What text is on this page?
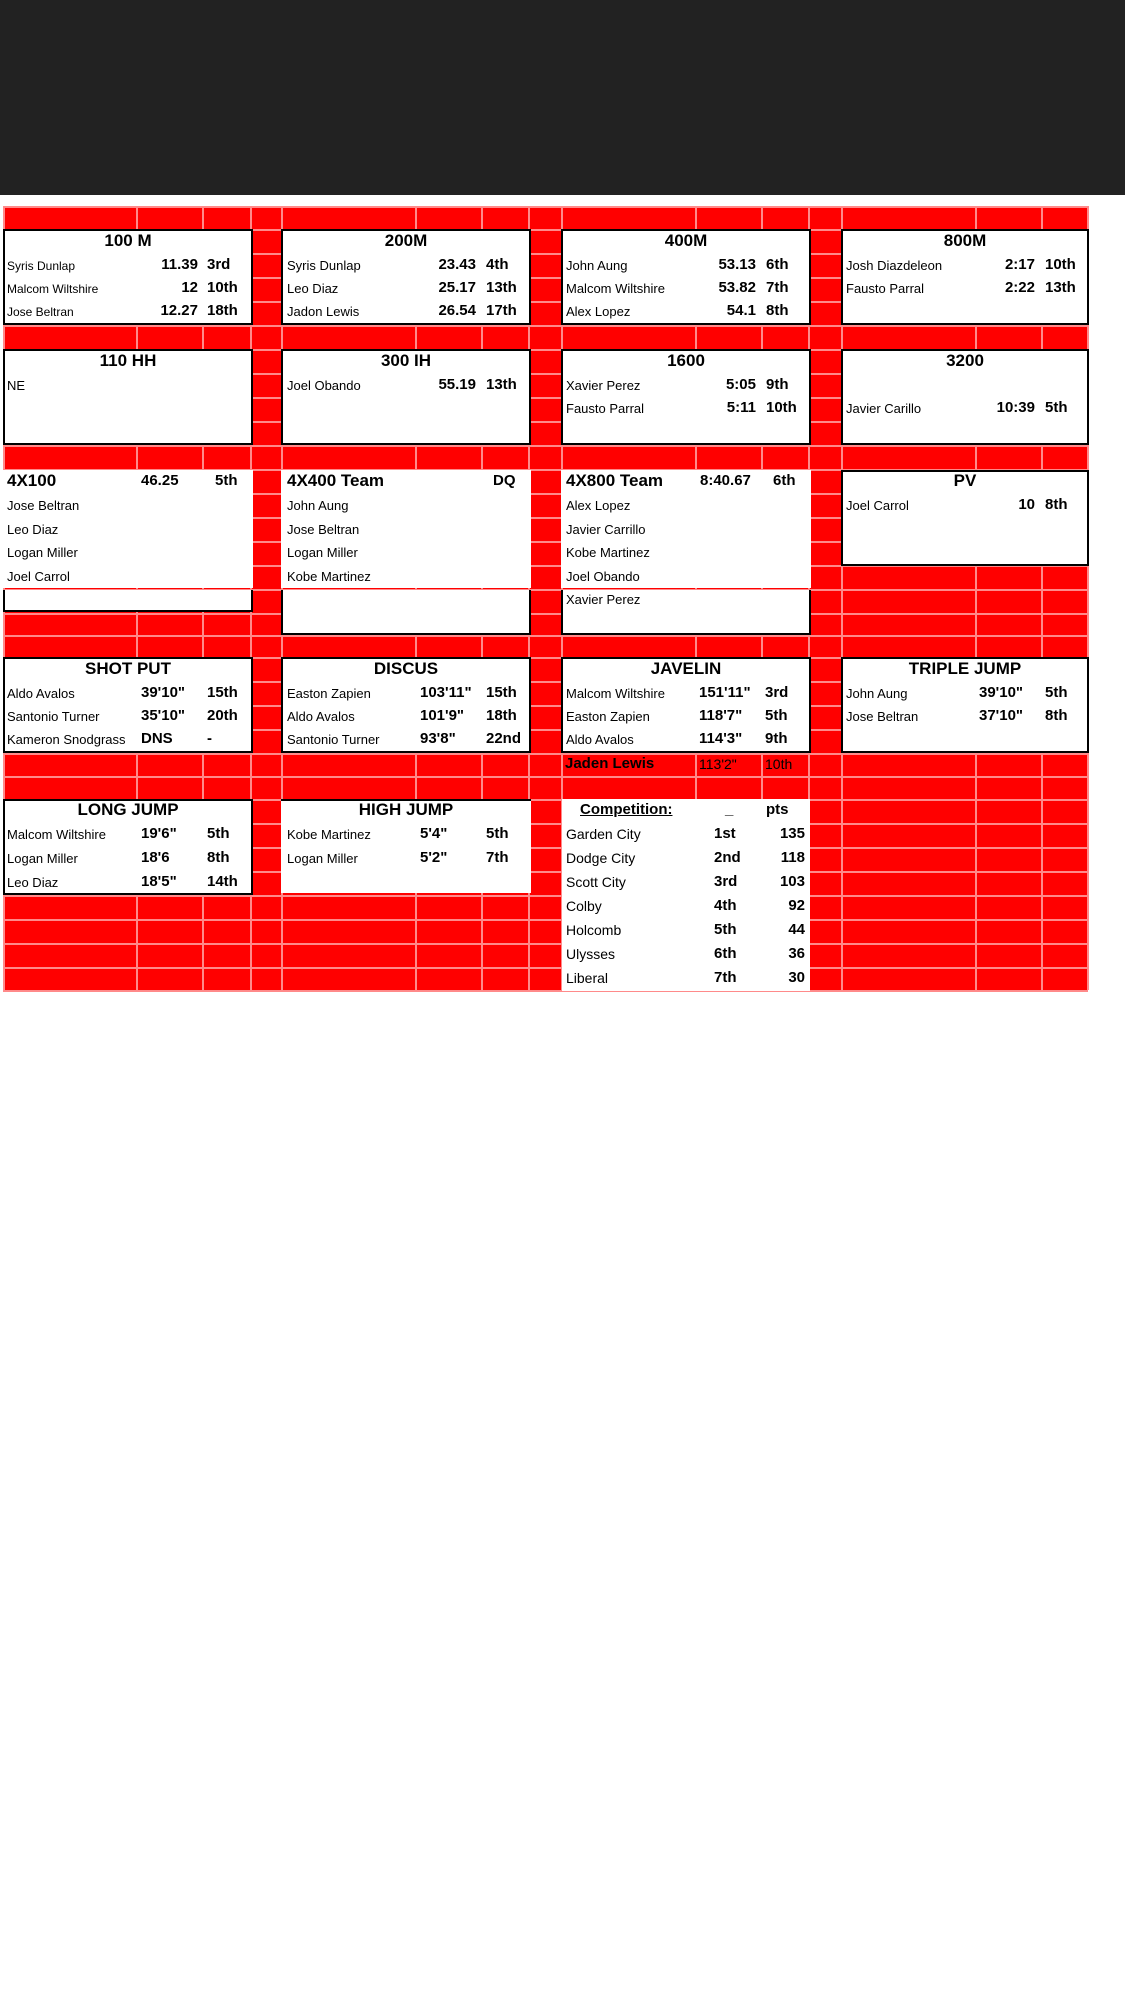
100 M
Syris Dunlap	11.39 3rd
Malcom Wiltshire	12 10th
Jose Beltran	12.27 18th
200M
Syris Dunlap	23.43 4th
Leo Diaz	25.17 13th
Jadon Lewis	26.54 17th
400M
John Aung	53.13 6th
Malcom Wiltshire	53.82 7th
Alex Lopez	54.1 8th
800M
Josh Diazdeleon	2:17 10th
Fausto Parral	2:22 13th
110 HH
NE
300 IH
Joel Obando	55.19 13th
1600
Xavier Perez	5:05 9th
Fausto Parral	5:11 10th
3200
Javier Carillo	10:39 5th
4X100	46.25 5th
Jose Beltran
Leo Diaz
Logan Miller
Joel Carrol
4X400 Team	DQ
John Aung
Jose Beltran
Logan Miller
Kobe Martinez
4X800 Team 8:40.67 6th
Alex Lopez
Javier Carrillo
Kobe Martinez
Joel Obando
Xavier Perez
PV
Joel Carrol	10 8th
SHOT PUT
Aldo Avalos	39'10" 15th
Santonio Turner	35'10" 20th
Kameron Snodgrass DNS -
DISCUS
Easton Zapien	103'11" 15th
Aldo Avalos	101'9" 18th
Santonio Turner	93'8" 22nd
JAVELIN
Malcom Wiltshire 151'11" 3rd
Easton Zapien	118'7" 5th
Aldo Avalos	114'3" 9th
Jaden Lewis	113'2" 10th
TRIPLE JUMP
John Aung	39'10" 5th
Jose Beltran	37'10" 8th
LONG JUMP
Malcom Wiltshire 19'6" 5th
Logan Miller	18'6 8th
Leo Diaz	18'5" 14th
HIGH JUMP
Kobe Martinez	5'4"	5th
Logan Miller	5'2"	7th
Competition:	_ pts
Garden City	1st	135
Dodge City	2nd	118
Scott City	3rd	103
Colby	4th	92
Holcomb	5th	44
Ulysses	6th	36
Liberal	7th	30
